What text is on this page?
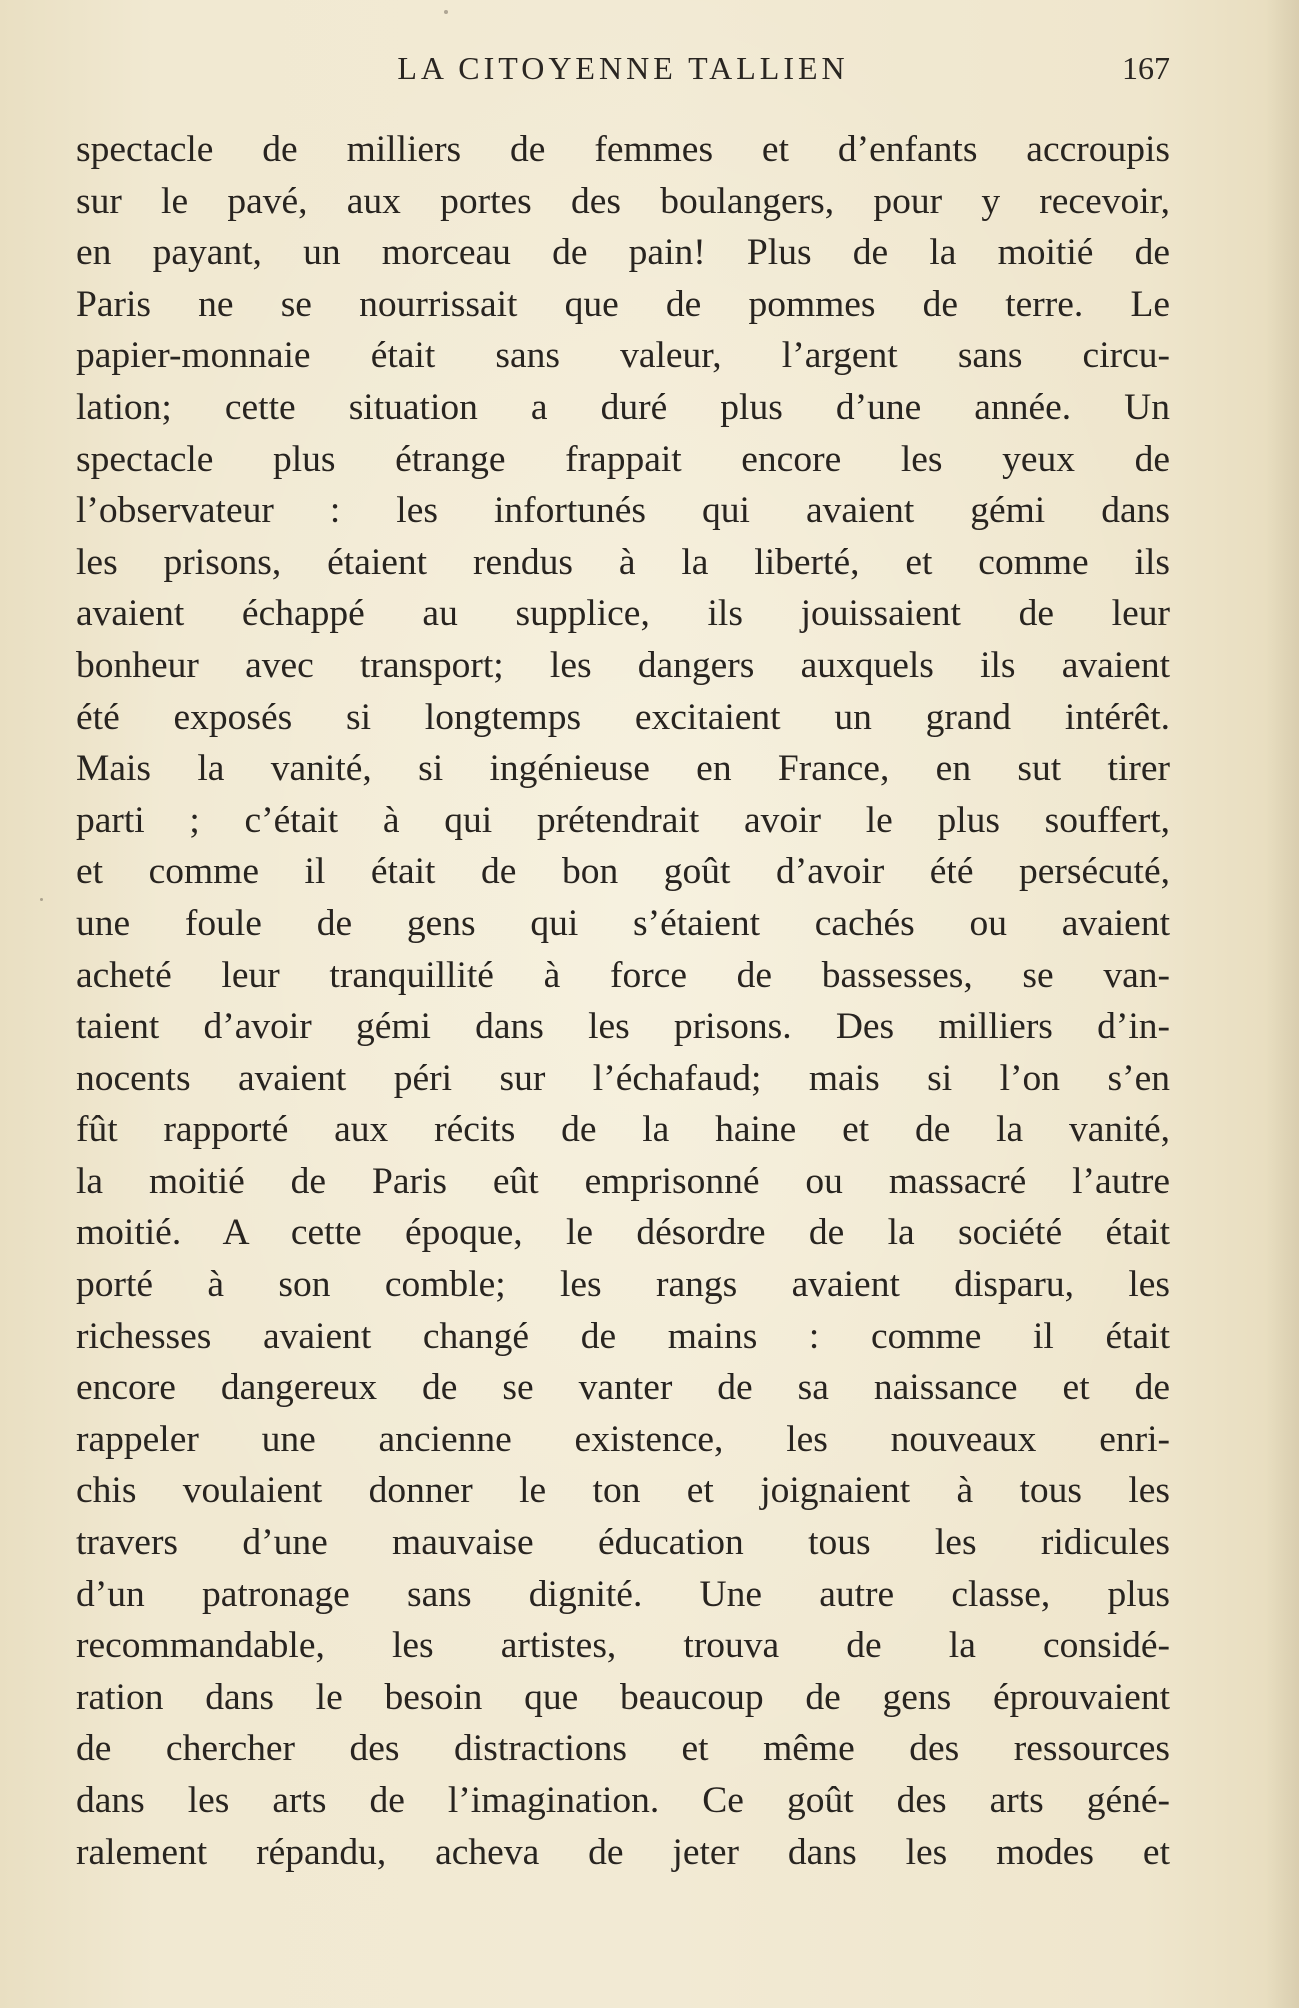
LA CITOYENNE TALLIEN	167
spectacle de milliers de femmes et d’enfants accroupis
sur le pavé, aux portes des boulangers, pour y recevoir,
en payant, un morceau de pain! Plus de la moitié de
Paris ne se nourrissait que de pommes de terre. Le
papier-monnaie était sans valeur, l’argent sans circu-
lation; cette situation a duré plus d’une année. Un
spectacle plus étrange frappait encore les yeux de
l’observateur : les infortunés qui avaient gémi dans
les prisons, étaient rendus à la liberté, et comme ils
avaient échappé au supplice, ils jouissaient de leur
bonheur avec transport; les dangers auxquels ils avaient
été exposés si longtemps excitaient un grand intérêt.
Mais la vanité, si ingénieuse en France, en sut tirer
parti ; c’était à qui prétendrait avoir le plus souffert,
et comme il était de bon goût d’avoir été persécuté,
une foule de gens qui s’étaient cachés ou avaient
acheté leur tranquillité à force de bassesses, se van-
taient d’avoir gémi dans les prisons. Des milliers d’in-
nocents avaient péri sur l’échafaud; mais si l’on s’en
fût rapporté aux récits de la haine et de la vanité,
la moitié de Paris eût emprisonné ou massacré l’autre
moitié. A cette époque, le désordre de la société était
porté à son comble; les rangs avaient disparu, les
richesses avaient changé de mains : comme il était
encore dangereux de se vanter de sa naissance et de
rappeler une ancienne existence, les nouveaux enri-
chis voulaient donner le ton et joignaient à tous les
travers d’une mauvaise éducation tous les ridicules
d’un patronage sans dignité. Une autre classe, plus
recommandable, les artistes, trouva de la considé-
ration dans le besoin que beaucoup de gens éprouvaient
de chercher des distractions et même des ressources
dans les arts de l’imagination. Ce goût des arts géné-
ralement répandu, acheva de jeter dans les modes et
